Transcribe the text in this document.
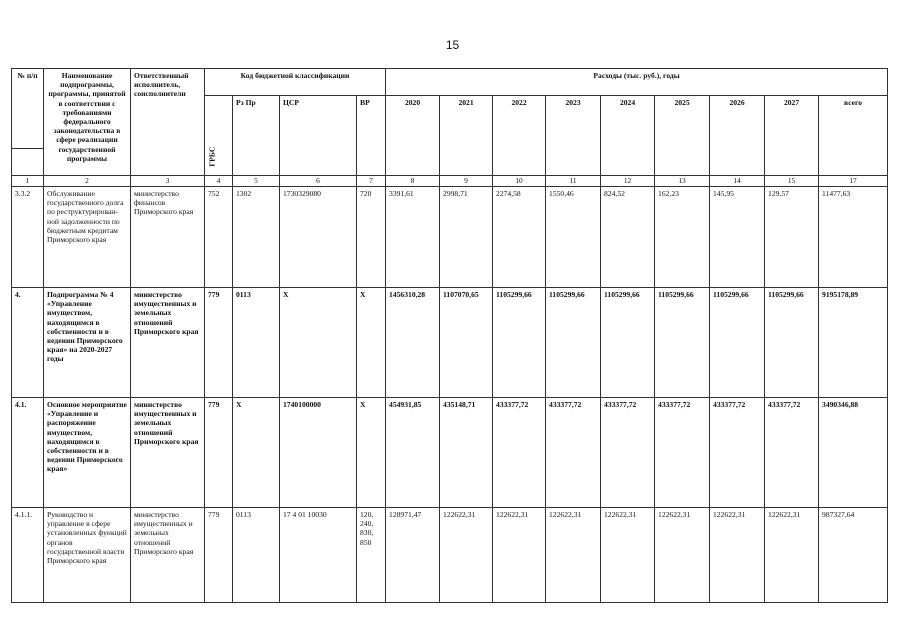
15
№ п/п	Наименование подпрограммы, программы, принятой в соответствии с требованиями федерального законодательства в сфере реализации государственной программы	Ответственный исполнитель, соисполнители	Код бюджетной классификации				Расходы (тыс. руб.), годы								

			ГРБС	Рз Пр	ЦСР	ВР	2020	2021	2022	2023	2024	2025	2026	2027	всего

1	2	3	4	5	6	7	8	9	10	11	12	13	14	15	17
3.3.2	Обслуживание государственного долга по реструктурирован-ной задолженности по бюджетным кредитам Приморского края	министерство финансов Приморского края	752	1302	1730329080	720	3391,61	2998,71	2274,58	1550,46	824,52	162,23	145,95	129,57	11477,63
4.	Подпрограмма № 4 «Управление имуществом, находящимся в собственности и в ведении Приморского края» на 2020-2027 годы	министерство имущественных и земельных отношений Приморского края	779	0113	X	X	1456310,28	1107070,65	1105299,66	1105299,66	1105299,66	1105299,66	1105299,66	1105299,66	9195178,89
4.1.	Основное мероприятие «Управление и распоряжение имуществом, находящимся в собственности и в ведении Приморского края»	министерство имущественных и земельных отношений Приморского края	779	X	1740100000	X	454931,85	435148,71	433377,72	433377,72	433377,72	433377,72	433377,72	433377,72	3490346,88
4.1.1.	Руководство и управление в сфере установленных функций органов государственной власти Приморского края	министерство имущественных и земельных отношений Приморского края	779	0113	17 4 01 10030	120, 240, 830, 850	128971,47	122622,31	122622,31	122622,31	122622,31	122622,31	122622,31	122622,31	987327,64
